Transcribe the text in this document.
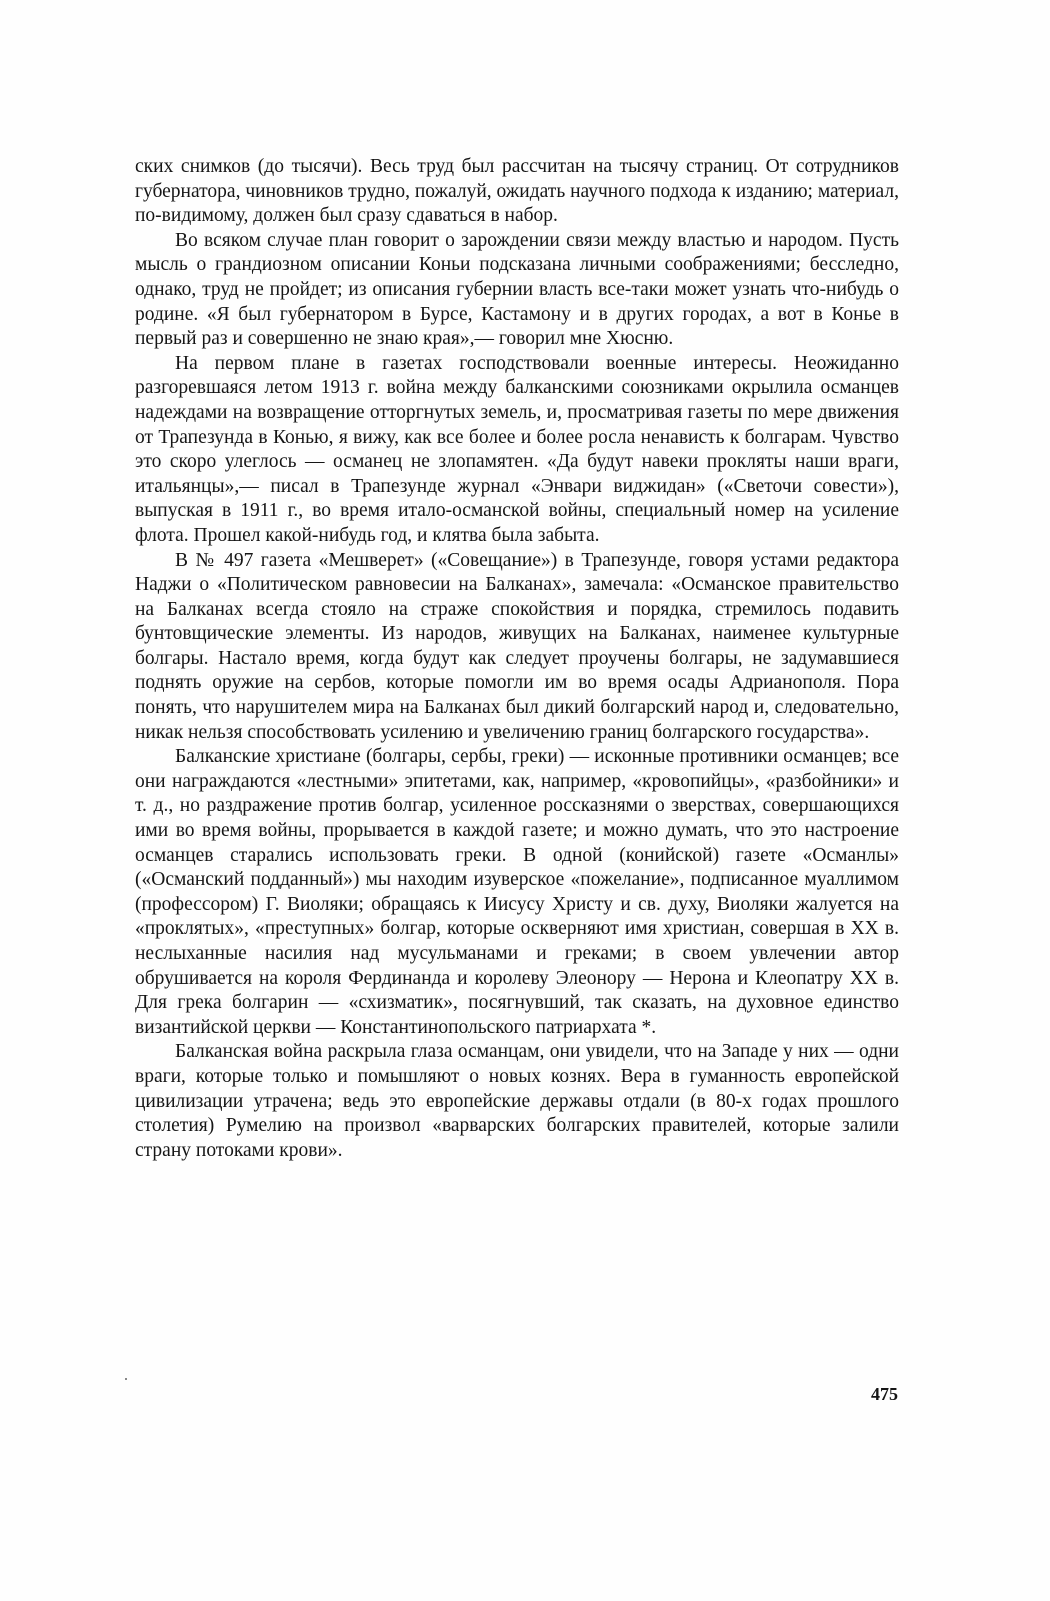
ских снимков (до тысячи). Весь труд был рассчитан на тысячу страниц. От сотрудников губернатора, чиновников трудно, пожалуй, ожидать научного подхода к изданию; материал, по-видимому, должен был сразу сдаваться в набор.

Во всяком случае план говорит о зарождении связи между властью и народом. Пусть мысль о грандиозном описании Коньи подсказана личными соображениями; бесследно, однако, труд не пройдет; из описания губернии власть все-таки может узнать что-нибудь о родине. «Я был губернатором в Бурсе, Кастамону и в других городах, а вот в Конье в первый раз и совершенно не знаю края»,— говорил мне Хюсню.

На первом плане в газетах господствовали военные интересы. Неожиданно разгоревшаяся летом 1913 г. война между балканскими союзниками окрылила османцев надеждами на возвращение отторгнутых земель, и, просматривая газеты по мере движения от Трапезунда в Конью, я вижу, как все более и более росла ненависть к болгарам. Чувство это скоро улеглось — османец не злопамятен. «Да будут навеки прокляты наши враги, итальянцы»,— писал в Трапезунде журнал «Энвари виджидан» («Светочи совести»), выпуская в 1911 г., во время итало-османской войны, специальный номер на усиление флота. Прошел какой-нибудь год, и клятва была забыта.

В № 497 газета «Мешверет» («Совещание») в Трапезунде, говоря устами редактора Наджи о «Политическом равновесии на Балканах», замечала: «Османское правительство на Балканах всегда стояло на страже спокойствия и порядка, стремилось подавить бунтовщические элементы. Из народов, живущих на Балканах, наименее культурные болгары. Настало время, когда будут как следует проучены болгары, не задумавшиеся поднять оружие на сербов, которые помогли им во время осады Адрианополя. Пора понять, что нарушителем мира на Балканах был дикий болгарский народ и, следовательно, никак нельзя способствовать усилению и увеличению границ болгарского государства».

Балканские христиане (болгары, сербы, греки) — исконные противники османцев; все они награждаются «лестными» эпитетами, как, например, «кровопийцы», «разбойники» и т. д., но раздражение против болгар, усиленное россказнями о зверствах, совершающихся ими во время войны, прорывается в каждой газете; и можно думать, что это настроение османцев старались использовать греки. В одной (конийской) газете «Османлы» («Османский подданный») мы находим изуверское «пожелание», подписанное муаллимом (профессором) Г. Виоляки; обращаясь к Иисусу Христу и св. духу, Виоляки жалуется на «проклятых», «преступных» болгар, которые оскверняют имя христиан, совершая в XX в. неслыханные насилия над мусульманами и греками; в своем увлечении автор обрушивается на короля Фердинанда и королеву Элеонору — Нерона и Клеопатру XX в. Для грека болгарин — «схизматик», посягнувший, так сказать, на духовное единство византийской церкви — Константинопольского патриархата *.

Балканская война раскрыла глаза османцам, они увидели, что на Западе у них — одни враги, которые только и помышляют о новых кознях. Вера в гуманность европейской цивилизации утрачена; ведь это европейские державы отдали (в 80-х годах прошлого столетия) Румелию на произвол «варварских болгарских правителей, которые залили страну потоками крови».

475
